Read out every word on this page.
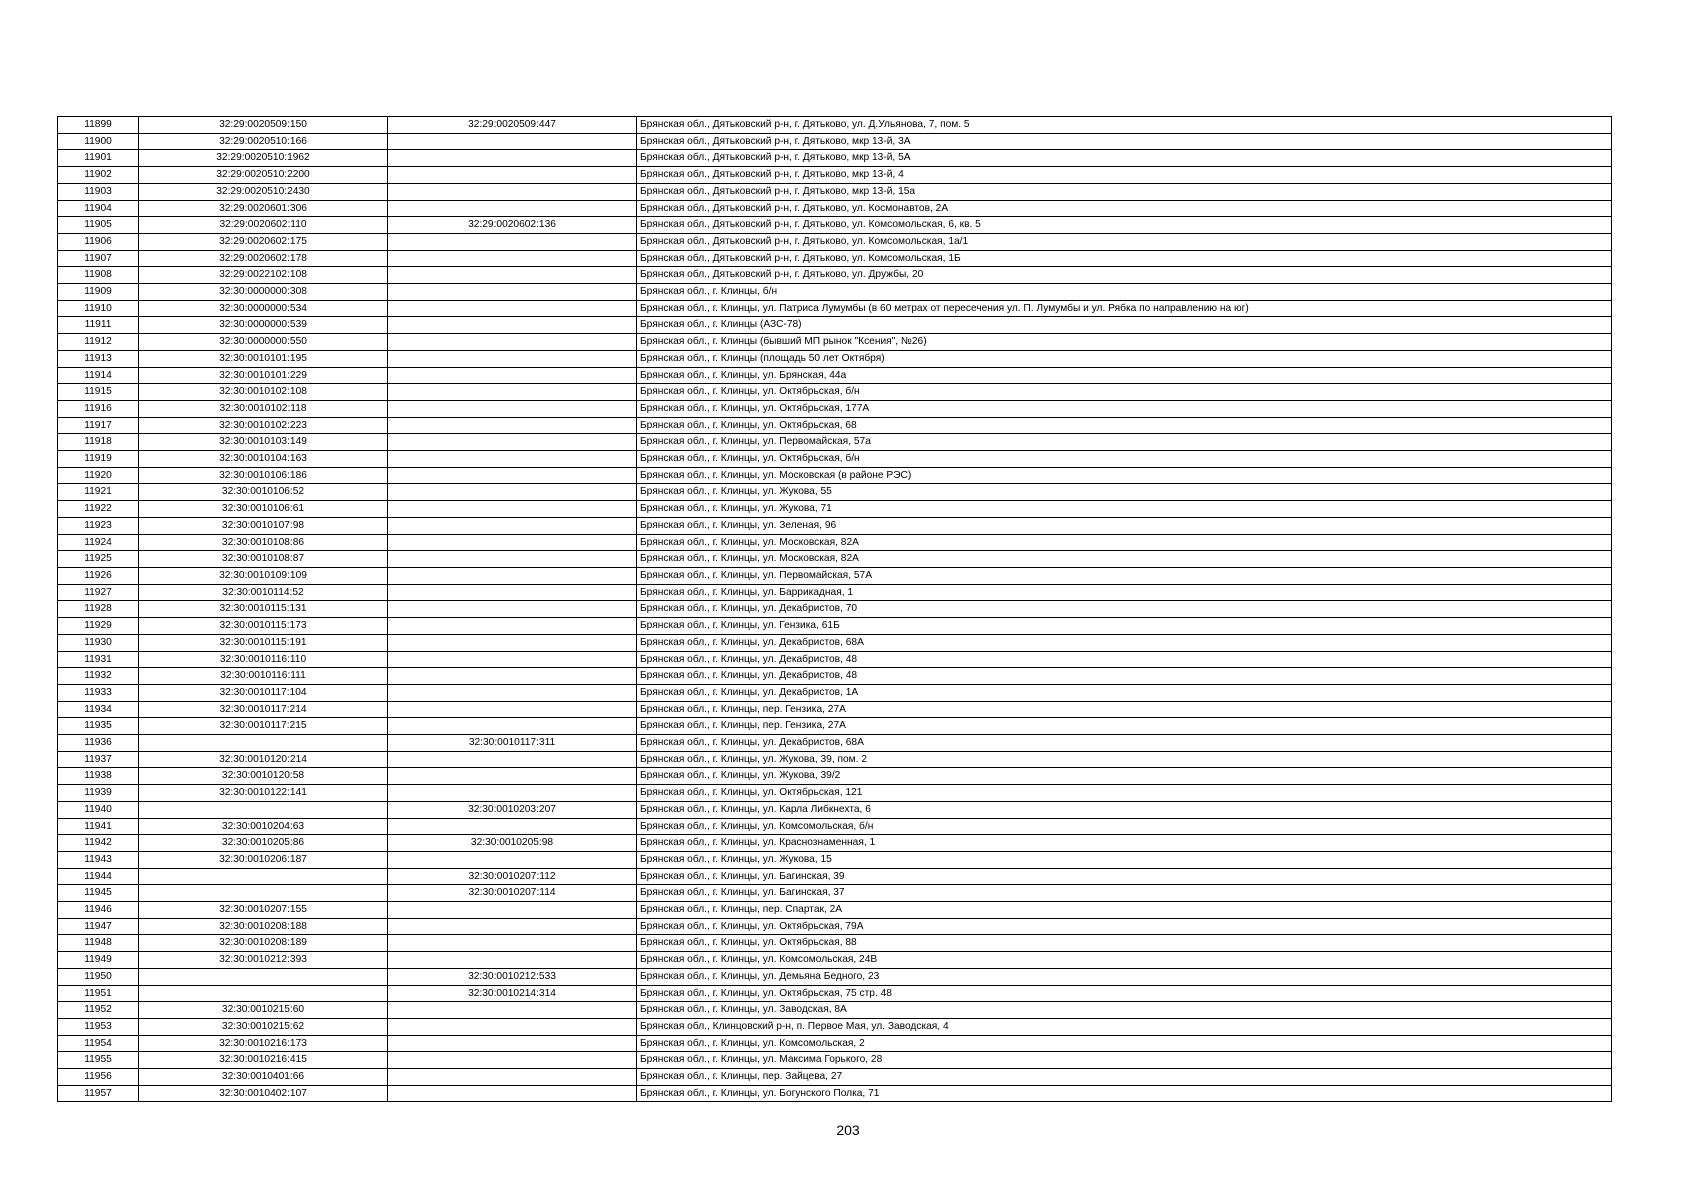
11899	32:29:0020509:150	32:29:0020509:447	Брянская обл., Дятьковский р-н, г. Дятьково, ул. Д.Ульянова, 7, пом. 5
11900	32:29:0020510:166		Брянская обл., Дятьковский р-н, г. Дятьково, мкр 13-й, 3А
11901	32:29:0020510:1962		Брянская обл., Дятьковский р-н, г. Дятьково, мкр 13-й, 5А
11902	32:29:0020510:2200		Брянская обл., Дятьковский р-н, г. Дятьково, мкр 13-й, 4
11903	32:29:0020510:2430		Брянская обл., Дятьковский р-н, г. Дятьково, мкр 13-й, 15а
11904	32:29:0020601:306		Брянская обл., Дятьковский р-н, г. Дятьково, ул. Космонавтов, 2А
11905	32:29:0020602:110	32:29:0020602:136	Брянская обл., Дятьковский р-н, г. Дятьково, ул. Комсомольская, 6, кв. 5
11906	32:29:0020602:175		Брянская обл., Дятьковский р-н, г. Дятьково, ул. Комсомольская, 1а/1
11907	32:29:0020602:178		Брянская обл., Дятьковский р-н, г. Дятьково, ул. Комсомольская, 1Б
11908	32:29:0022102:108		Брянская обл., Дятьковский р-н, г. Дятьково, ул. Дружбы, 20
11909	32:30:0000000:308		Брянская обл., г. Клинцы, б/н
11910	32:30:0000000:534		Брянская обл., г. Клинцы, ул. Патриса Лумумбы (в 60 метрах от пересечения ул. П. Лумумбы и ул. Рябка по направлению на юг)
11911	32:30:0000000:539		Брянская обл., г. Клинцы (АЗС-78)
11912	32:30:0000000:550		Брянская обл., г. Клинцы (бывший МП рынок "Ксения", №26)
11913	32:30:0010101:195		Брянская обл., г. Клинцы (площадь 50 лет Октября)
11914	32:30:0010101:229		Брянская обл., г. Клинцы, ул. Брянская, 44а
11915	32:30:0010102:108		Брянская обл., г. Клинцы, ул. Октябрьская, б/н
11916	32:30:0010102:118		Брянская обл., г. Клинцы, ул. Октябрьская, 177А
11917	32:30:0010102:223		Брянская обл., г. Клинцы, ул. Октябрьская, 68
11918	32:30:0010103:149		Брянская обл., г. Клинцы, ул. Первомайская, 57а
11919	32:30:0010104:163		Брянская обл., г. Клинцы, ул. Октябрьская, б/н
11920	32:30:0010106:186		Брянская обл., г. Клинцы, ул. Московская (в районе РЭС)
11921	32:30:0010106:52		Брянская обл., г. Клинцы, ул. Жукова, 55
11922	32:30:0010106:61		Брянская обл., г. Клинцы, ул. Жукова, 71
11923	32:30:0010107:98		Брянская обл., г. Клинцы, ул. Зеленая, 96
11924	32:30:0010108:86		Брянская обл., г. Клинцы, ул. Московская, 82А
11925	32:30:0010108:87		Брянская обл., г. Клинцы, ул. Московская, 82А
11926	32:30:0010109:109		Брянская обл., г. Клинцы, ул. Первомайская, 57А
11927	32:30:0010114:52		Брянская обл., г. Клинцы, ул. Баррикадная, 1
11928	32:30:0010115:131		Брянская обл., г. Клинцы, ул. Декабристов, 70
11929	32:30:0010115:173		Брянская обл., г. Клинцы, ул. Гензика, 61Б
11930	32:30:0010115:191		Брянская обл., г. Клинцы, ул. Декабристов, 68А
11931	32:30:0010116:110		Брянская обл., г. Клинцы, ул. Декабристов, 48
11932	32:30:0010116:111		Брянская обл., г. Клинцы, ул. Декабристов, 48
11933	32:30:0010117:104		Брянская обл., г. Клинцы, ул. Декабристов, 1А
11934	32:30:0010117:214		Брянская обл., г. Клинцы, пер. Гензика, 27А
11935	32:30:0010117:215		Брянская обл., г. Клинцы, пер. Гензика, 27А
11936		32:30:0010117:311	Брянская обл., г. Клинцы, ул. Декабристов, 68А
11937	32:30:0010120:214		Брянская обл., г. Клинцы, ул. Жукова, 39, пом. 2
11938	32:30:0010120:58		Брянская обл., г. Клинцы, ул. Жукова, 39/2
11939	32:30:0010122:141		Брянская обл., г. Клинцы, ул. Октябрьская, 121
11940		32:30:0010203:207	Брянская обл., г. Клинцы, ул. Карла Либкнехта, 6
11941	32:30:0010204:63		Брянская обл., г. Клинцы, ул. Комсомольская, б/н
11942	32:30:0010205:86	32:30:0010205:98	Брянская обл., г. Клинцы, ул. Краснознаменная, 1
11943	32:30:0010206:187		Брянская обл., г. Клинцы, ул. Жукова, 15
11944		32:30:0010207:112	Брянская обл., г. Клинцы, ул. Багинская, 39
11945		32:30:0010207:114	Брянская обл., г. Клинцы, ул. Багинская, 37
11946	32:30:0010207:155		Брянская обл., г. Клинцы, пер. Спартак, 2А
11947	32:30:0010208:188		Брянская обл., г. Клинцы, ул. Октябрьская, 79А
11948	32:30:0010208:189		Брянская обл., г. Клинцы, ул. Октябрьская, 88
11949	32:30:0010212:393		Брянская обл., г. Клинцы, ул. Комсомольская, 24В
11950		32:30:0010212:533	Брянская обл., г. Клинцы, ул. Демьяна Бедного, 23
11951		32:30:0010214:314	Брянская обл., г. Клинцы, ул. Октябрьская, 75 стр. 48
11952	32:30:0010215:60		Брянская обл., г. Клинцы, ул. Заводская, 8А
11953	32:30:0010215:62		Брянская обл., Клинцовский р-н, п. Первое Мая, ул. Заводская, 4
11954	32:30:0010216:173		Брянская обл., г. Клинцы, ул. Комсомольская, 2
11955	32:30:0010216:415		Брянская обл., г. Клинцы, ул. Максима Горького, 28
11956	32:30:0010401:66		Брянская обл., г. Клинцы, пер. Зайцева, 27
11957	32:30:0010402:107		Брянская обл., г. Клинцы, ул. Богунского Полка, 71
203
